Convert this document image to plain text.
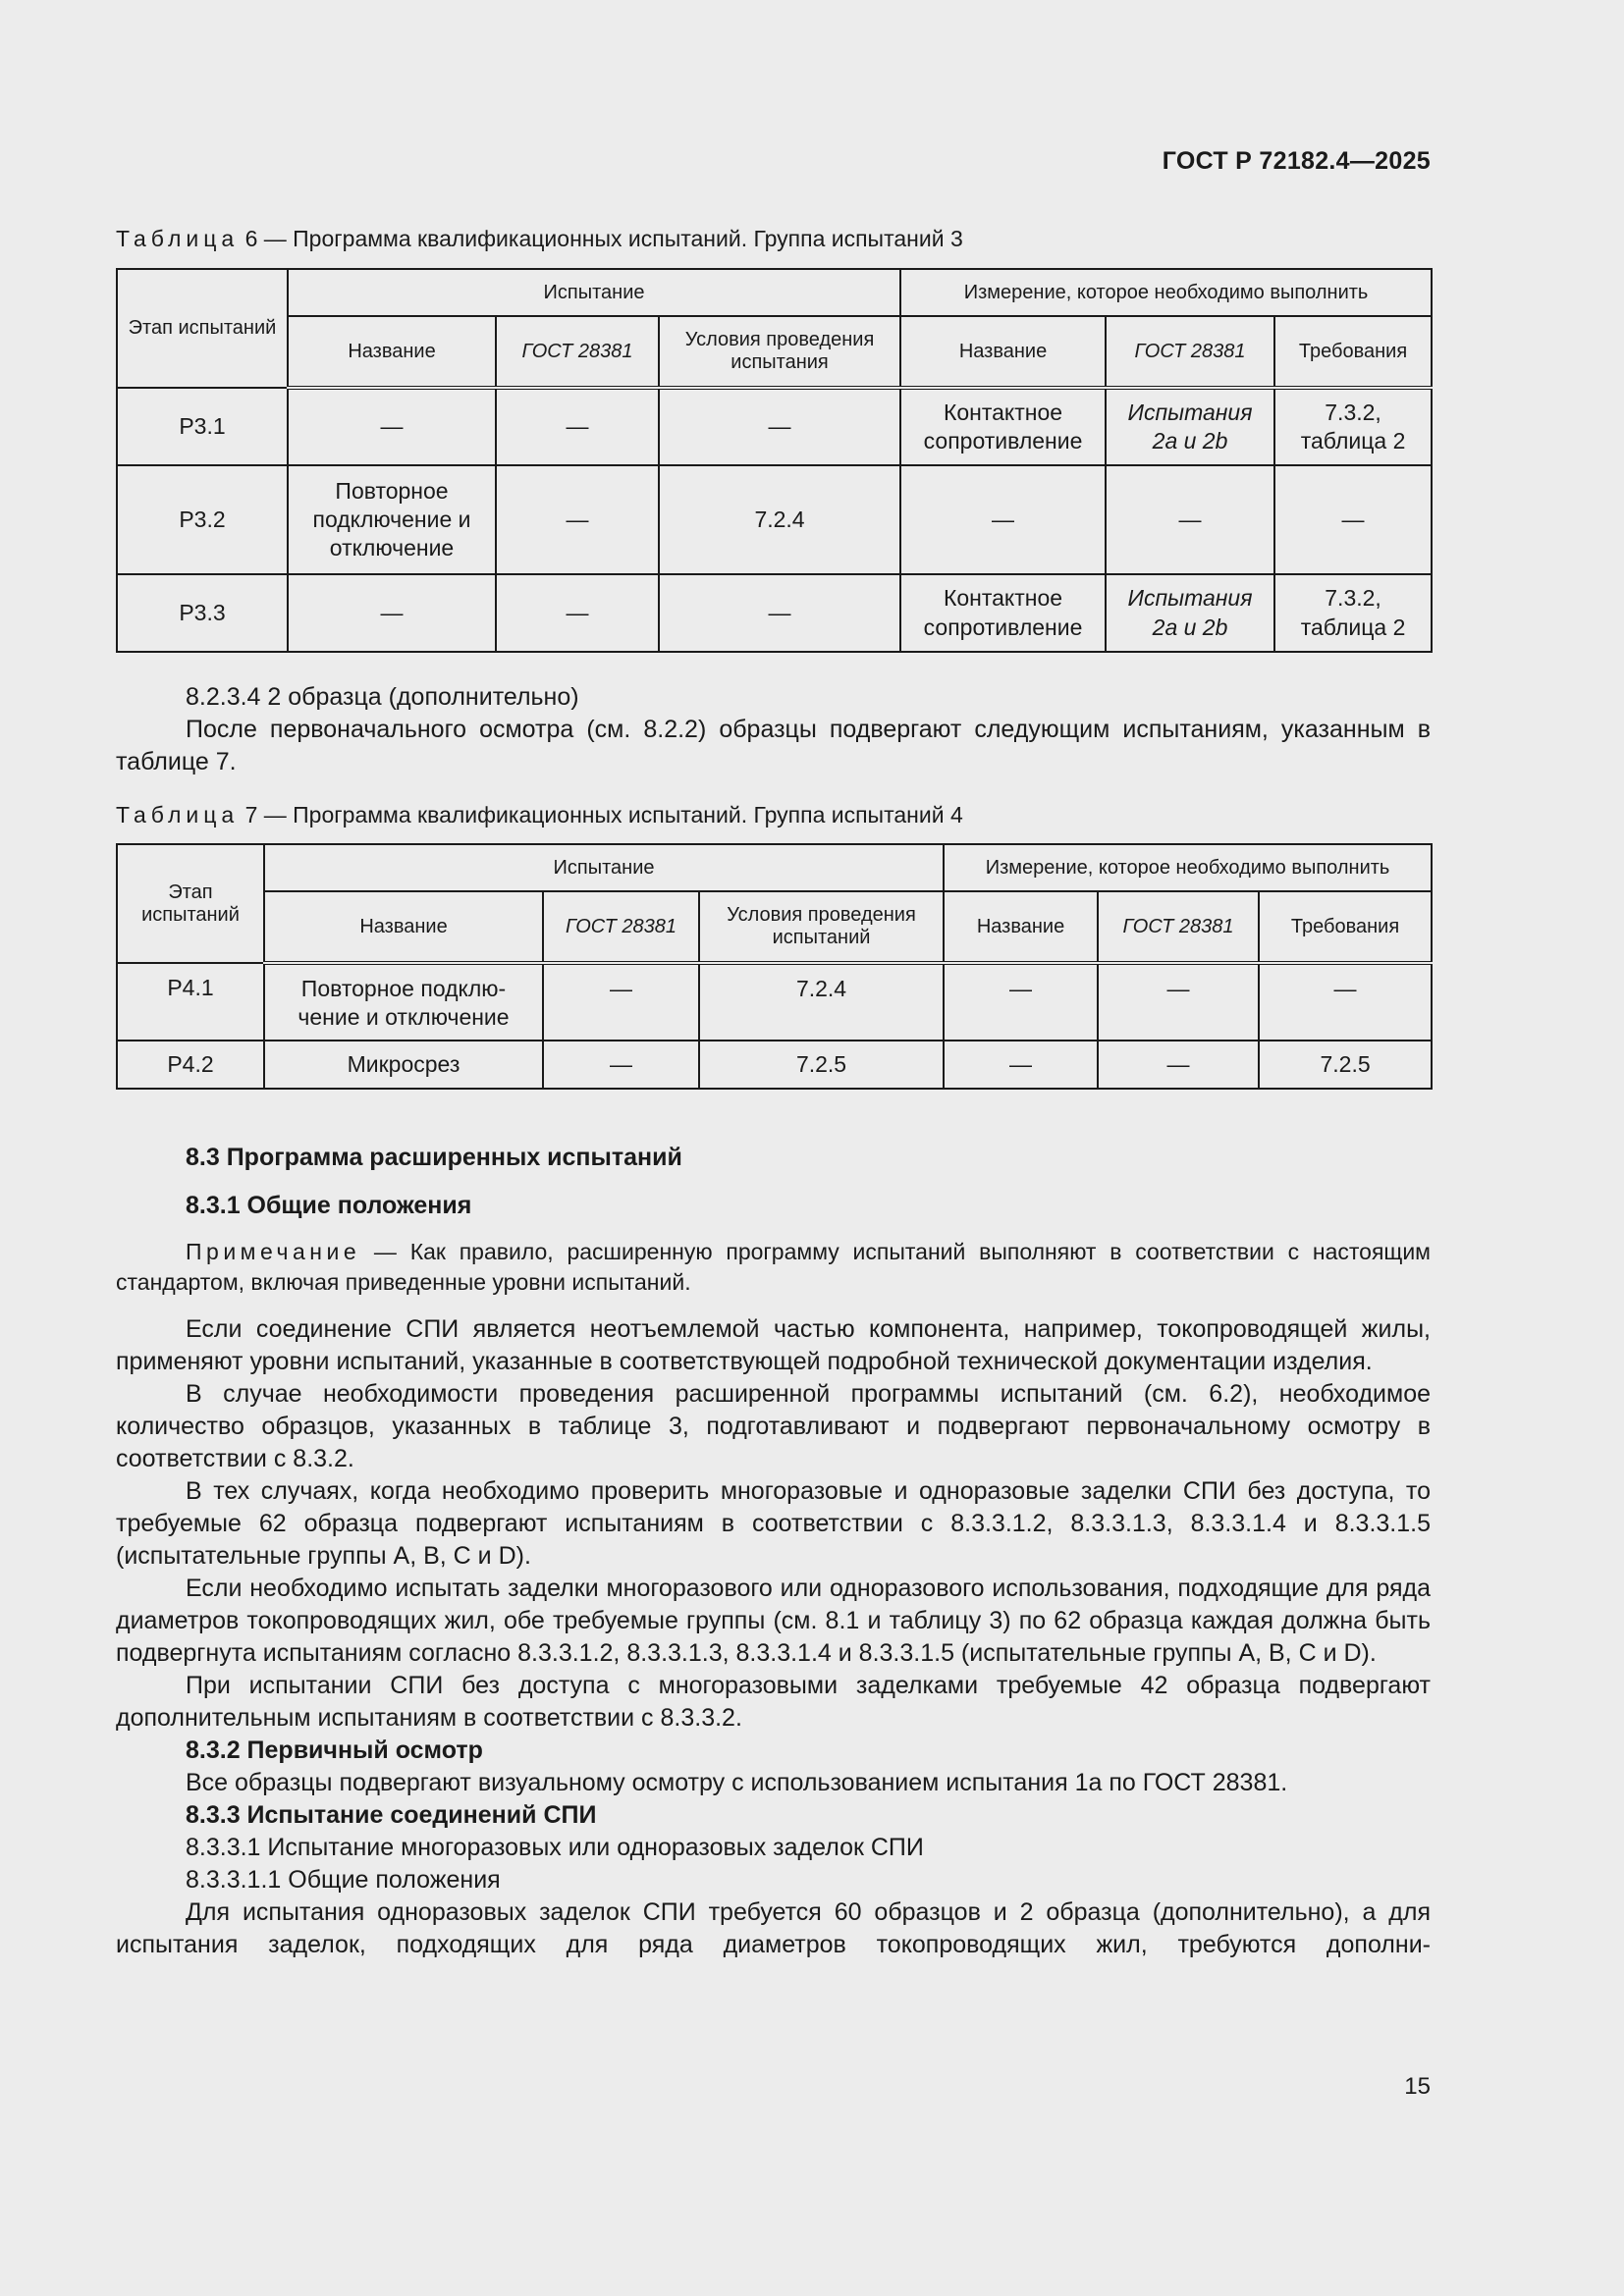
ГОСТ Р 72182.4—2025
Таблица 6 — Программа квалификационных испытаний. Группа испытаний 3
Этап испытаний	Испытание			Измерение, которое необходимо выполнить		
	Название	ГОСТ 28381	Условия проведения испытания	Название	ГОСТ 28381	Требования
Р3.1	—	—	—	Контактное сопротивление	Испытания 2a и 2b	7.3.2, таблица 2
Р3.2	Повторное подключение и отключение	—	7.2.4	—	—	—
Р3.3	—	—	—	Контактное сопротивление	Испытания 2a и 2b	7.3.2, таблица 2

8.2.3.4 2 образца (дополнительно)

После первоначального осмотра (см. 8.2.2) образцы подвергают следующим испытаниям, указанным в таблице 7.

Таблица 7 — Программа квалификационных испытаний. Группа испытаний 4
Этап испытаний	Испытание			Измерение, которое необходимо выполнить		
	Название	ГОСТ 28381	Условия проведения испытаний	Название	ГОСТ 28381	Требования
Р4.1	Повторное подклю-чение и отключение	—	7.2.4	—	—	—
Р4.2	Микросрез	—	7.2.5	—	—	7.2.5
8.3 Программа расширенных испытаний
8.3.1 Общие положения
Примечание — Как правило, расширенную программу испытаний выполняют в соответствии с настоящим стандартом, включая приведенные уровни испытаний.

Если соединение СПИ является неотъемлемой частью компонента, например, токопроводящей жилы, применяют уровни испытаний, указанные в соответствующей подробной технической документации изделия.

В случае необходимости проведения расширенной программы испытаний (см. 6.2), необходимое количество образцов, указанных в таблице 3, подготавливают и подвергают первоначальному осмотру в соответствии с 8.3.2.

В тех случаях, когда необходимо проверить многоразовые и одноразовые заделки СПИ без доступа, то требуемые 62 образца подвергают испытаниям в соответствии с 8.3.3.1.2, 8.3.3.1.3, 8.3.3.1.4 и 8.3.3.1.5 (испытательные группы A, B, C и D).

Если необходимо испытать заделки многоразового или одноразового использования, подходящие для ряда диаметров токопроводящих жил, обе требуемые группы (см. 8.1 и таблицу 3) по 62 образца каждая должна быть подвергнута испытаниям согласно 8.3.3.1.2, 8.3.3.1.3, 8.3.3.1.4 и 8.3.3.1.5 (испытательные группы A, B, C и D).

При испытании СПИ без доступа с многоразовыми заделками требуемые 42 образца подвергают дополнительным испытаниям в соответствии с 8.3.3.2.

8.3.2 Первичный осмотр

Все образцы подвергают визуальному осмотру с использованием испытания 1a по ГОСТ 28381.

8.3.3 Испытание соединений СПИ

8.3.3.1 Испытание многоразовых или одноразовых заделок СПИ

8.3.3.1.1 Общие положения

Для испытания одноразовых заделок СПИ требуется 60 образцов и 2 образца (дополнительно), а для испытания заделок, подходящих для ряда диаметров токопроводящих жил, требуются дополни-

15
